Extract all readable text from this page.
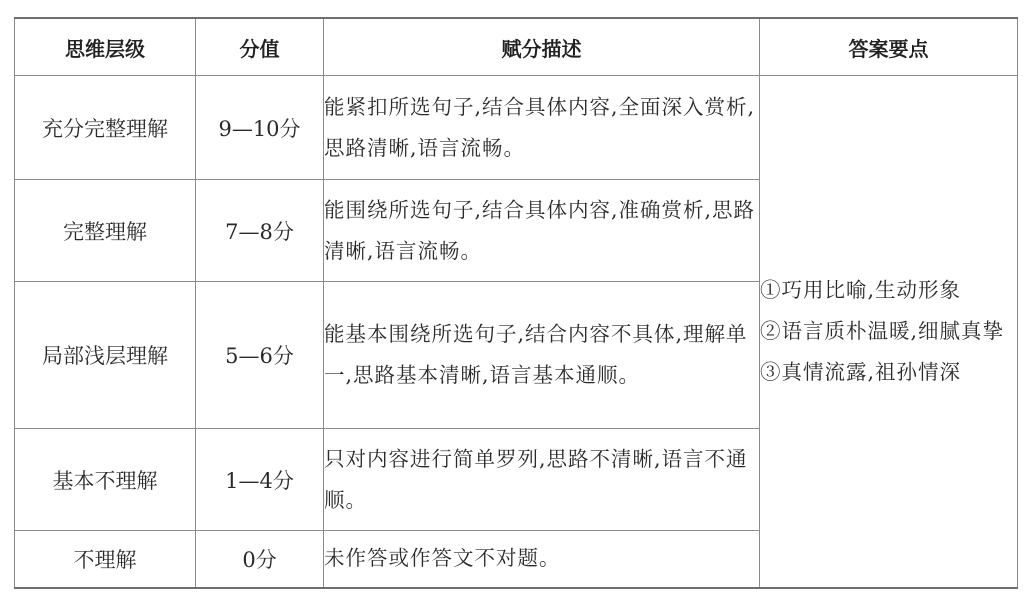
思维层级	分值	赋分描述	答案要点
充分完整理解	9—10分	能紧扣所选句子,结合具体内容,全面深入赏析,思路清晰,语言流畅。	①巧用比喻,生动形象
②语言质朴温暖,细腻真挚
③真情流露,祖孙情深

完整理解	7—8分	能围绕所选句子,结合具体内容,准确赏析,思路清晰,语言流畅。	

局部浅层理解	5—6分	能基本围绕所选句子,结合内容不具体,理解单一,思路基本清晰,语言基本通顺。	

基本不理解	1—4分	只对内容进行简单罗列,思路不清晰,语言不通顺。	

不理解	0分	未作答或作答文不对题。	
